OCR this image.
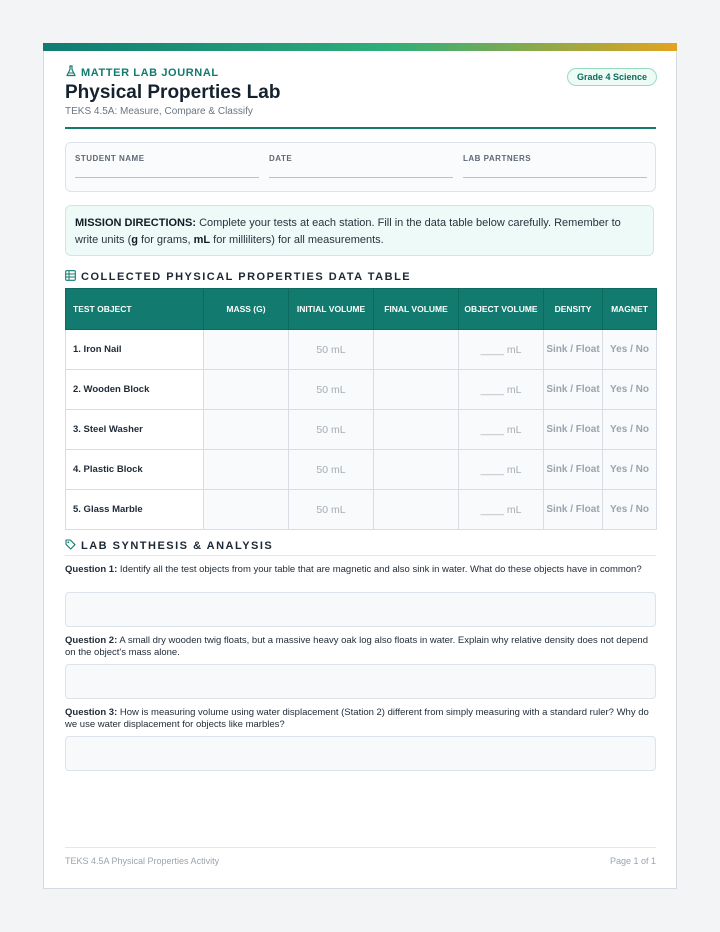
MATTER LAB JOURNAL	Grade 4 Science
Physical Properties Lab
TEKS 4.5A: Measure, Compare & Classify
STUDENT NAME	DATE	LAB PARTNERS
MISSION DIRECTIONS: Complete your tests at each station. Fill in the data table below carefully. Remember to write units (g for grams, mL for milliliters) for all measurements.
COLLECTED PHYSICAL PROPERTIES DATA TABLE
TEST OBJECT	MASS (G)	INITIAL VOLUME	FINAL VOLUME	OBJECT VOLUME	DENSITY	MAGNET
1. Iron Nail		50 mL		____ mL	Sink / Float	Yes / No
2. Wooden Block		50 mL		____ mL	Sink / Float	Yes / No
3. Steel Washer		50 mL		____ mL	Sink / Float	Yes / No
4. Plastic Block		50 mL		____ mL	Sink / Float	Yes / No
5. Glass Marble		50 mL		____ mL	Sink / Float	Yes / No
LAB SYNTHESIS & ANALYSIS
Question 1: Identify all the test objects from your table that are magnetic and also sink in water. What do these objects have in common?
Question 2: A small dry wooden twig floats, but a massive heavy oak log also floats in water. Explain why relative density does not depend on the object's mass alone.
Question 3: How is measuring volume using water displacement (Station 2) different from simply measuring with a standard ruler? Why do we use water displacement for objects like marbles?
TEKS 4.5A Physical Properties Activity	Page 1 of 1
